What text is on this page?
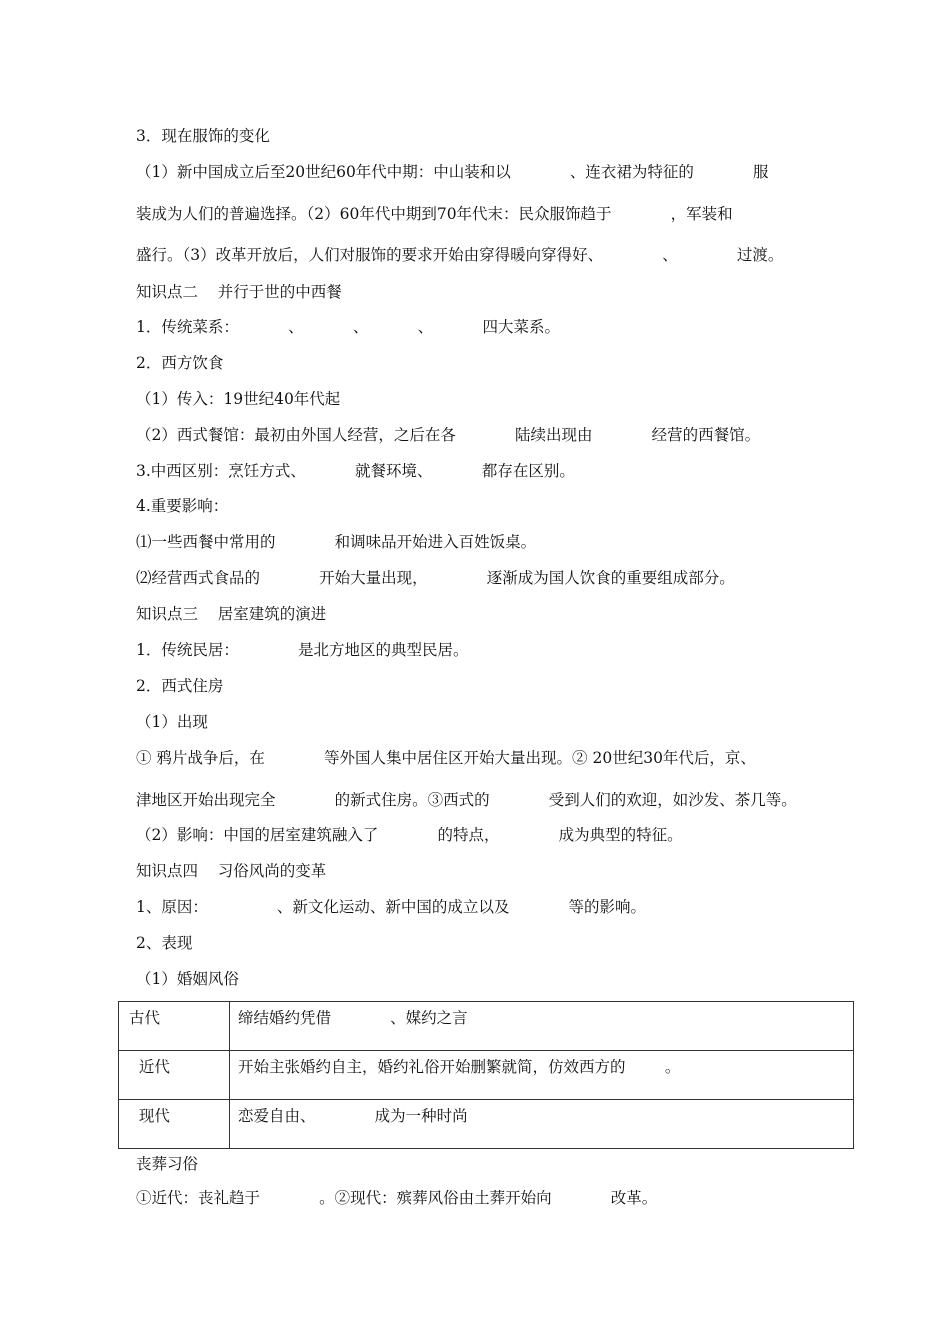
3．现在服饰的变化
（1）新中国成立后至20世纪60年代中期：中山装和以            、连衣裙为特征的            服
装成为人们的普遍选择。（2）60年代中期到70年代末：民众服饰趋于            ，军装和
盛行。（3）改革开放后，人们对服饰的要求开始由穿得暖向穿得好、            、            过渡。
知识点二    并行于世的中西餐
1．传统菜系：          、          、          、          四大菜系。
2．西方饮食
（1）传入：19世纪40年代起
（2）西式餐馆：最初由外国人经营，之后在各            陆续出现由            经营的西餐馆。
3.中西区别：烹饪方式、          就餐环境、          都存在区别。
4.重要影响：
⑴一些西餐中常用的            和调味品开始进入百姓饭桌。
⑵经营西式食品的            开始大量出现，            逐渐成为国人饮食的重要组成部分。
知识点三    居室建筑的演进
1．传统民居：            是北方地区的典型民居。
2．西式住房
（1）出现
① 鸦片战争后，在            等外国人集中居住区开始大量出现。② 20世纪30年代后，京、
津地区开始出现完全            的新式住房。③西式的            受到人们的欢迎，如沙发、茶几等。
（2）影响：中国的居室建筑融入了            的特点，            成为典型的特征。
知识点四    习俗风尚的变革
1、原因：              、新文化运动、新中国的成立以及            等的影响。
2、表现
（1）婚姻风俗
古代	缔结婚约凭借            、媒约之言

近代	开始主张婚约自主，婚约礼俗开始删繁就简，仿效西方的        。

现代	恋爱自由、            成为一种时尚
丧葬习俗
①近代：丧礼趋于            。②现代：殡葬风俗由土葬开始向            改革。
